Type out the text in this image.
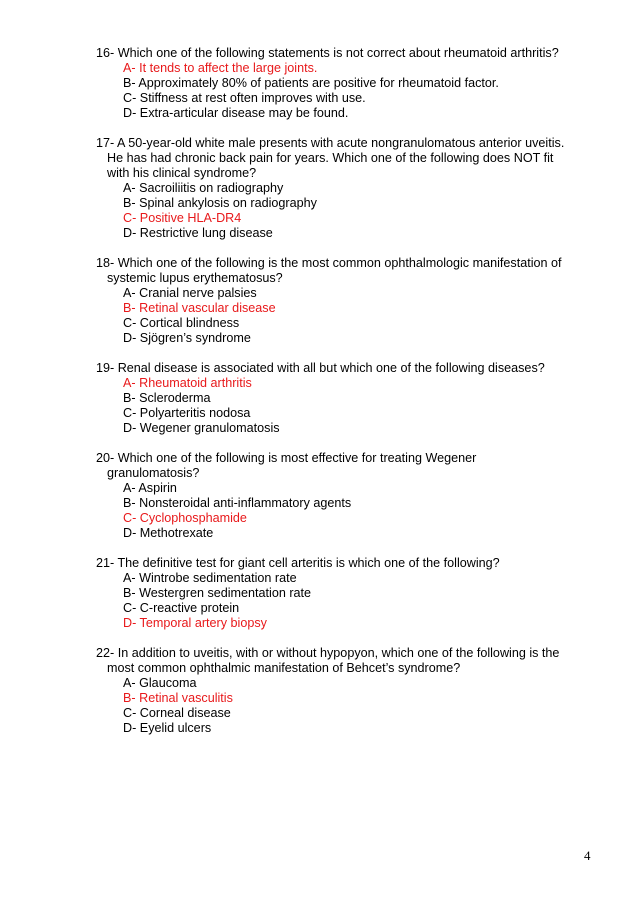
16- Which one of the following statements is not correct about rheumatoid arthritis?

A- It tends to affect the large joints.

B- Approximately 80% of patients are positive for rheumatoid factor.

C- Stiffness at rest often improves with use.

D- Extra-articular disease may be found.

17- A 50-year-old white male presents with acute nongranulomatous anterior uveitis. He has had chronic back pain for years. Which one of the following does NOT fit with his clinical syndrome?

A- Sacroiliitis on radiography

B- Spinal ankylosis on radiography

C- Positive HLA-DR4

D- Restrictive lung disease

18- Which one of the following is the most common ophthalmologic manifestation of systemic lupus erythematosus?

A- Cranial nerve palsies

B- Retinal vascular disease

C- Cortical blindness

D- Sjögren’s syndrome

19- Renal disease is associated with all but which one of the following diseases?

A- Rheumatoid arthritis

B- Scleroderma

C- Polyarteritis nodosa

D- Wegener granulomatosis

20- Which one of the following is most effective for treating Wegener granulomatosis?

A- Aspirin

B- Nonsteroidal anti-inflammatory agents

C- Cyclophosphamide

D- Methotrexate

21- The definitive test for giant cell arteritis is which one of the following?

A- Wintrobe sedimentation rate

B- Westergren sedimentation rate

C- C-reactive protein

D- Temporal artery biopsy

22- In addition to uveitis, with or without hypopyon, which one of the following is the most common ophthalmic manifestation of Behcet’s syndrome?

A- Glaucoma

B- Retinal vasculitis

C- Corneal disease

D- Eyelid ulcers

4
